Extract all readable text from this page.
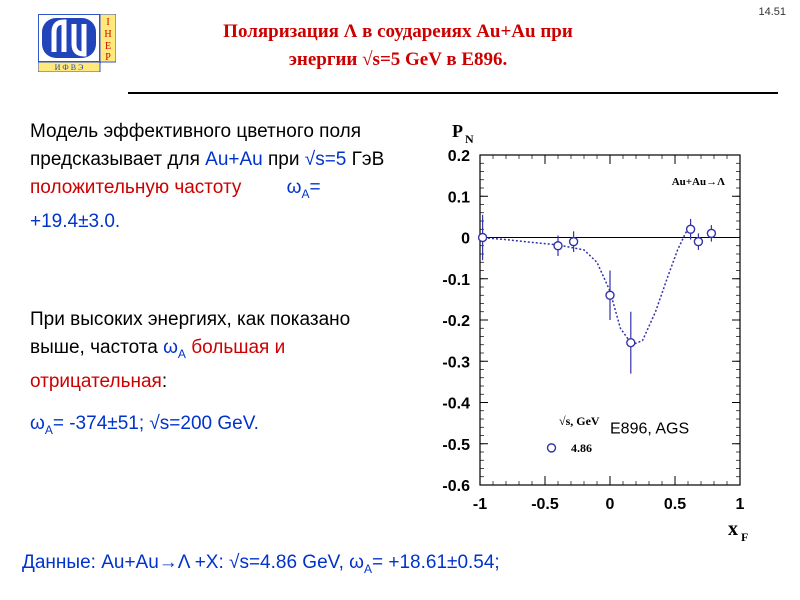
I
H
E
P
И Ф В Э
14.51
Поляризация Λ в соудареиях Au+Au при
энергии √s=5 GeV в E896.
Модель эффективного цветного поля предсказывает для Au+Au при √s=5 ГэВ положительную частоту $\omega_A= +19.4\pm 3.0$.
При высоких энергиях, как показано выше, частота $\omega_A$ большая и отрицательная:
$\omega_A= -374\pm 51$; √s=200 GeV.
0.2
0.1
0
-0.1
-0.2
-0.3
-0.4
-0.5
-0.6
-1	-0.5	0	0.5	1
P N
x F
Au+Au→Λ
√s, GeV
4.86
E896, AGS
Данные: Au+Au→Λ +X: √s=4.86 GeV, $\omega_A= +18.61\pm 0.54$;
